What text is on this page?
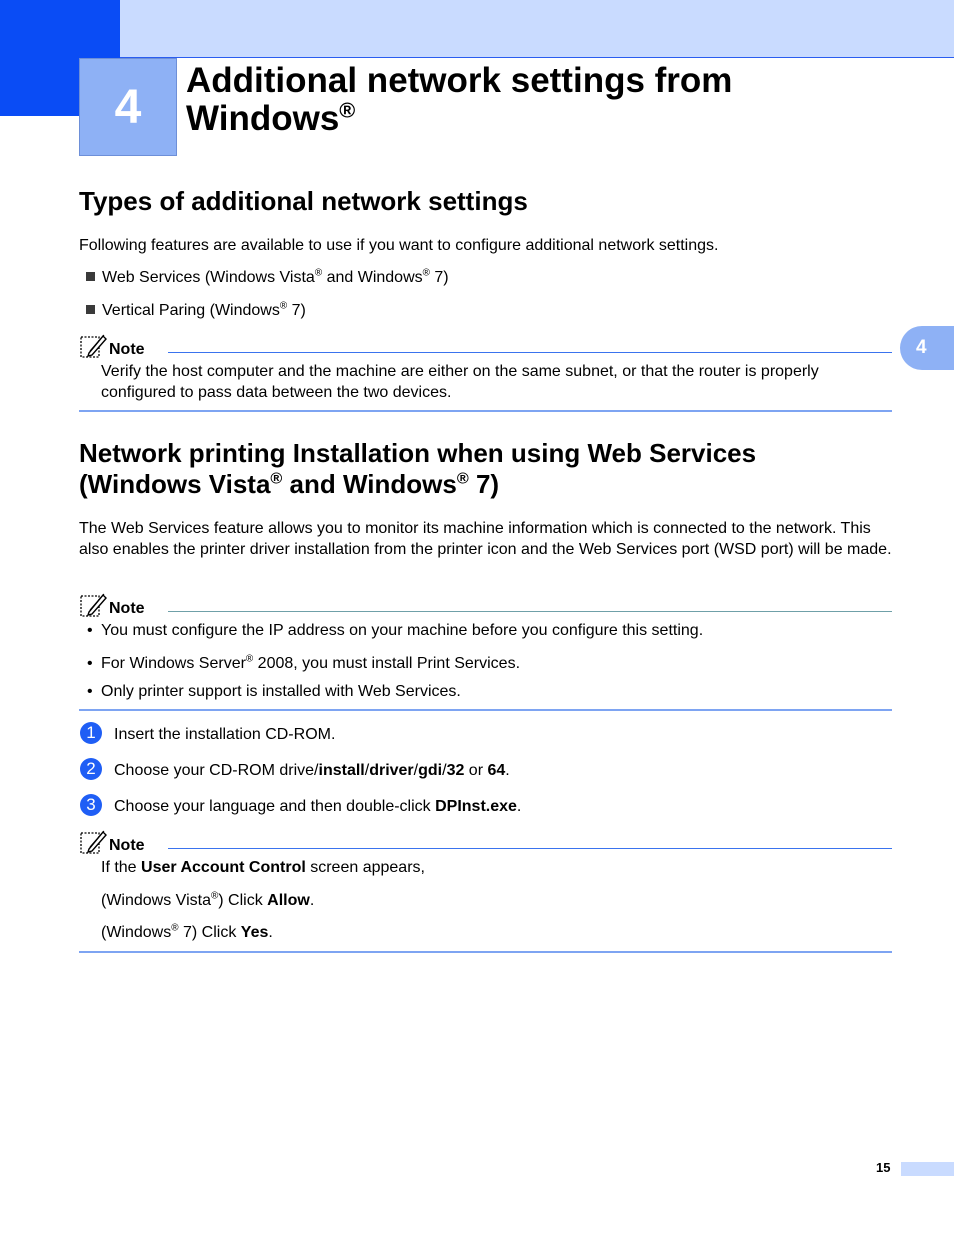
4 Additional network settings from
Windows®
4
Types of additional network settings
Following features are available to use if you want to configure additional network settings.
Web Services (Windows Vista® and Windows® 7)
Vertical Paring (Windows® 7)
Note
Verify the host computer and the machine are either on the same subnet, or that the router is properly configured to pass data between the two devices.
Network printing Installation when using Web Services
(Windows Vista® and Windows® 7)
The Web Services feature allows you to monitor its machine information which is connected to the network. This also enables the printer driver installation from the printer icon and the Web Services port (WSD port) will be made.
Note
• You must configure the IP address on your machine before you configure this setting.
• For Windows Server® 2008, you must install Print Services.
• Only printer support is installed with Web Services.
1 Insert the installation CD-ROM.
2 Choose your CD-ROM drive/install/driver/gdi/32 or 64.
3 Choose your language and then double-click DPInst.exe.
Note
If the User Account Control screen appears,
(Windows Vista®) Click Allow.
(Windows® 7) Click Yes.
15
